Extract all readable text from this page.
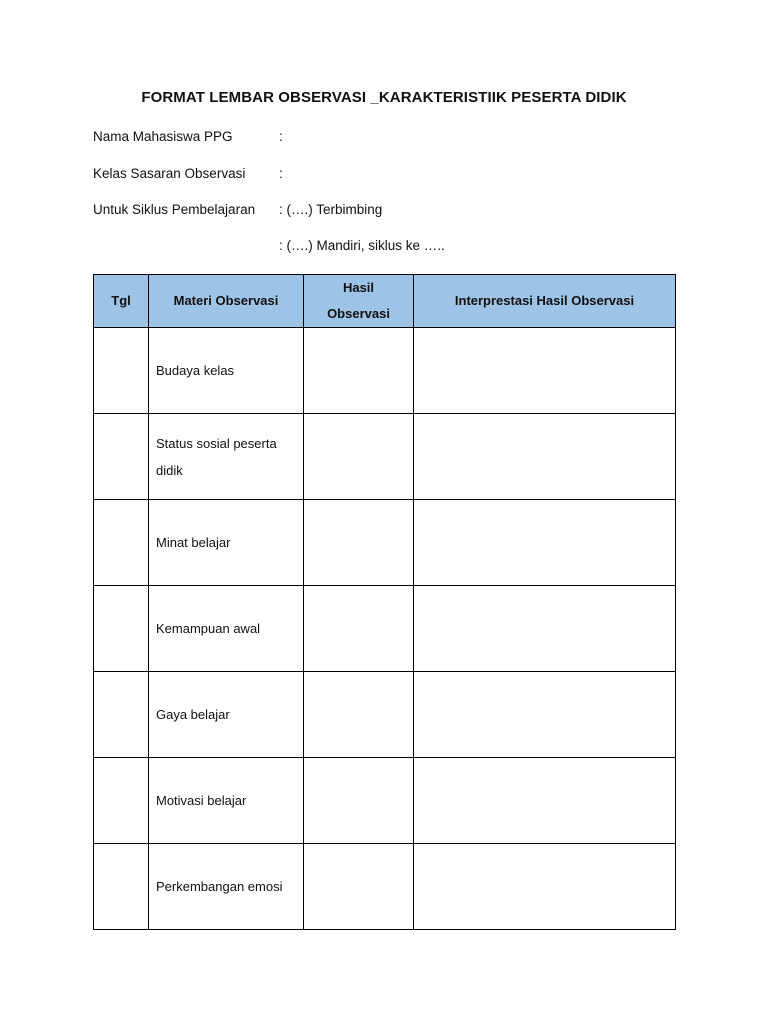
FORMAT LEMBAR OBSERVASI _KARAKTERISTIIK PESERTA DIDIK
Nama Mahasiswa PPG	:
Kelas Sasaran Observasi :
Untuk Siklus Pembelajaran : (….) Terbimbing
: (….) Mandiri, siklus ke …..
Tgl	Materi Observasi	Hasil Observasi	Interprestasi Hasil Observasi
	Budaya kelas		
	Status sosial peserta didik		
	Minat belajar		
	Kemampuan awal		
	Gaya belajar		
	Motivasi belajar		
	Perkembangan emosi		
